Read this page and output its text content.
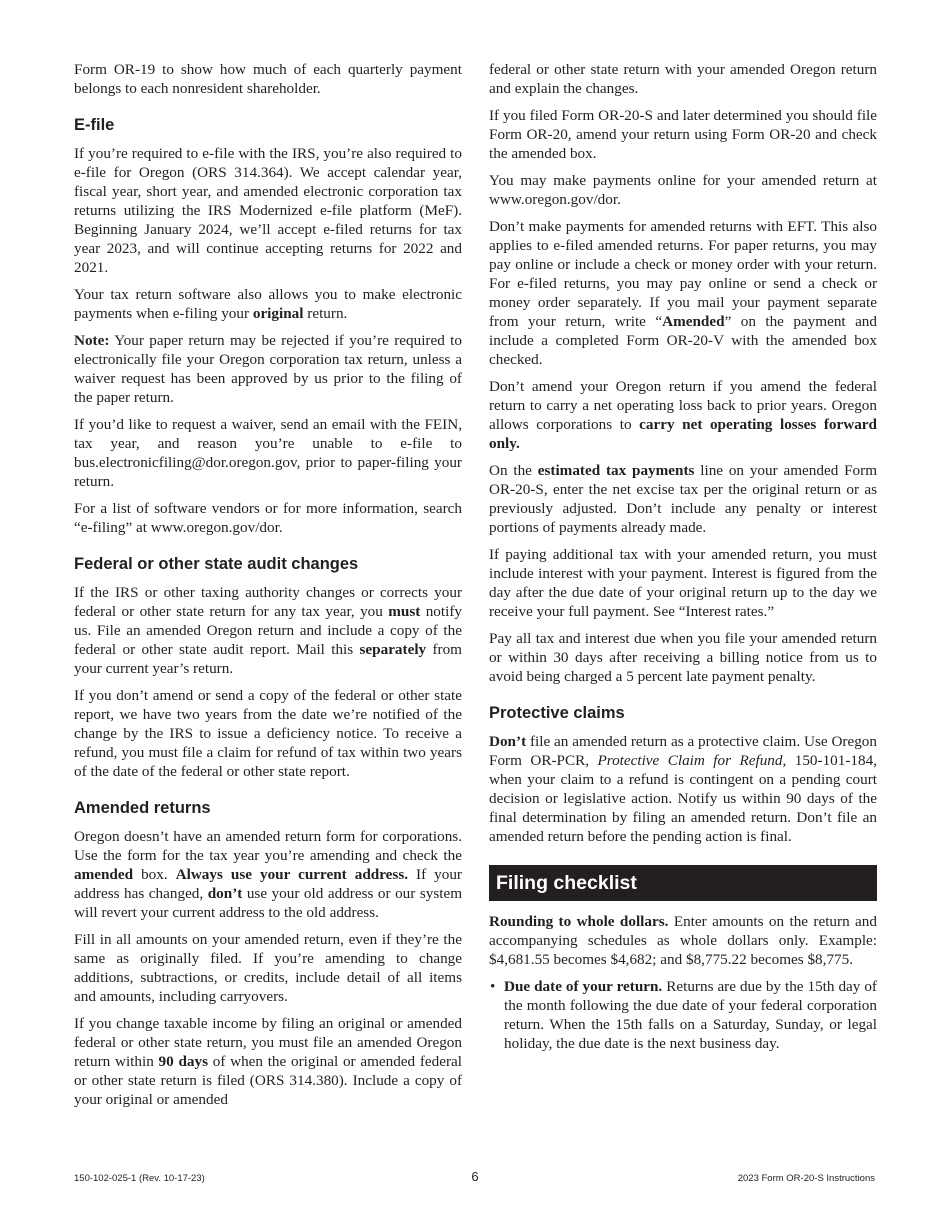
Form OR-19 to show how much of each quarterly payment belongs to each nonresident shareholder.

E-file

If you’re required to e-file with the IRS, you’re also required to e-file for Oregon (ORS 314.364). We accept calendar year, fiscal year, short year, and amended electronic corporation tax returns utilizing the IRS Modernized e-file platform (MeF). Beginning January 2024, we’ll accept e-filed returns for tax year 2023, and will continue accepting returns for 2022 and 2021.

Your tax return software also allows you to make electronic payments when e-filing your original return.

Note: Your paper return may be rejected if you’re required to electronically file your Oregon corporation tax return, unless a waiver request has been approved by us prior to the filing of the paper return.

If you’d like to request a waiver, send an email with the FEIN, tax year, and reason you’re unable to e-file to bus.electronicfiling@dor.oregon.gov, prior to paper-filing your return.

For a list of software vendors or for more information, search “e-filing” at www.oregon.gov/dor.

Federal or other state audit changes

If the IRS or other taxing authority changes or corrects your federal or other state return for any tax year, you must notify us. File an amended Oregon return and include a copy of the federal or other state audit report. Mail this separately from your current year’s return.

If you don’t amend or send a copy of the federal or other state report, we have two years from the date we’re notified of the change by the IRS to issue a deficiency notice. To receive a refund, you must file a claim for refund of tax within two years of the date of the federal or other state report.

Amended returns

Oregon doesn’t have an amended return form for corporations. Use the form for the tax year you’re amending and check the amended box. Always use your current address. If your address has changed, don’t use your old address or our system will revert your current address to the old address.

Fill in all amounts on your amended return, even if they’re the same as originally filed. If you’re amending to change additions, subtractions, or credits, include detail of all items and amounts, including carryovers.

If you change taxable income by filing an original or amended federal or other state return, you must file an amended Oregon return within 90 days of when the original or amended federal or other state return is filed (ORS 314.380). Include a copy of your original or amended

federal or other state return with your amended Oregon return and explain the changes.

If you filed Form OR-20-S and later determined you should file Form OR-20, amend your return using Form OR-20 and check the amended box.

You may make payments online for your amended return at www.oregon.gov/dor.

Don’t make payments for amended returns with EFT. This also applies to e-filed amended returns. For paper returns, you may pay online or include a check or money order with your return. For e-filed returns, you may pay online or send a check or money order separately. If you mail your payment separate from your return, write “Amended” on the payment and include a completed Form OR-20-V with the amended box checked.

Don’t amend your Oregon return if you amend the federal return to carry a net operating loss back to prior years. Oregon allows corporations to carry net operating losses forward only.

On the estimated tax payments line on your amended Form OR-20-S, enter the net excise tax per the original return or as previously adjusted. Don’t include any penalty or interest portions of payments already made.

If paying additional tax with your amended return, you must include interest with your payment. Interest is figured from the day after the due date of your original return up to the day we receive your full payment. See “Interest rates.”

Pay all tax and interest due when you file your amended return or within 30 days after receiving a billing notice from us to avoid being charged a 5 percent late payment penalty.

Protective claims

Don’t file an amended return as a protective claim. Use Oregon Form OR-PCR, Protective Claim for Refund, 150-101-184, when your claim to a refund is contingent on a pending court decision or legislative action. Notify us within 90 days of the final determination by filing an amended return. Don’t file an amended return before the pending action is final.

Filing checklist

Rounding to whole dollars. Enter amounts on the return and accompanying schedules as whole dollars only. Example: $4,681.55 becomes $4,682; and $8,775.22 becomes $8,775.

• Due date of your return. Returns are due by the 15th day of the month following the due date of your federal corporation return. When the 15th falls on a Saturday, Sunday, or legal holiday, the due date is the next business day.
150-102-025-1 (Rev. 10-17-23)	6	2023 Form OR-20-S Instructions
